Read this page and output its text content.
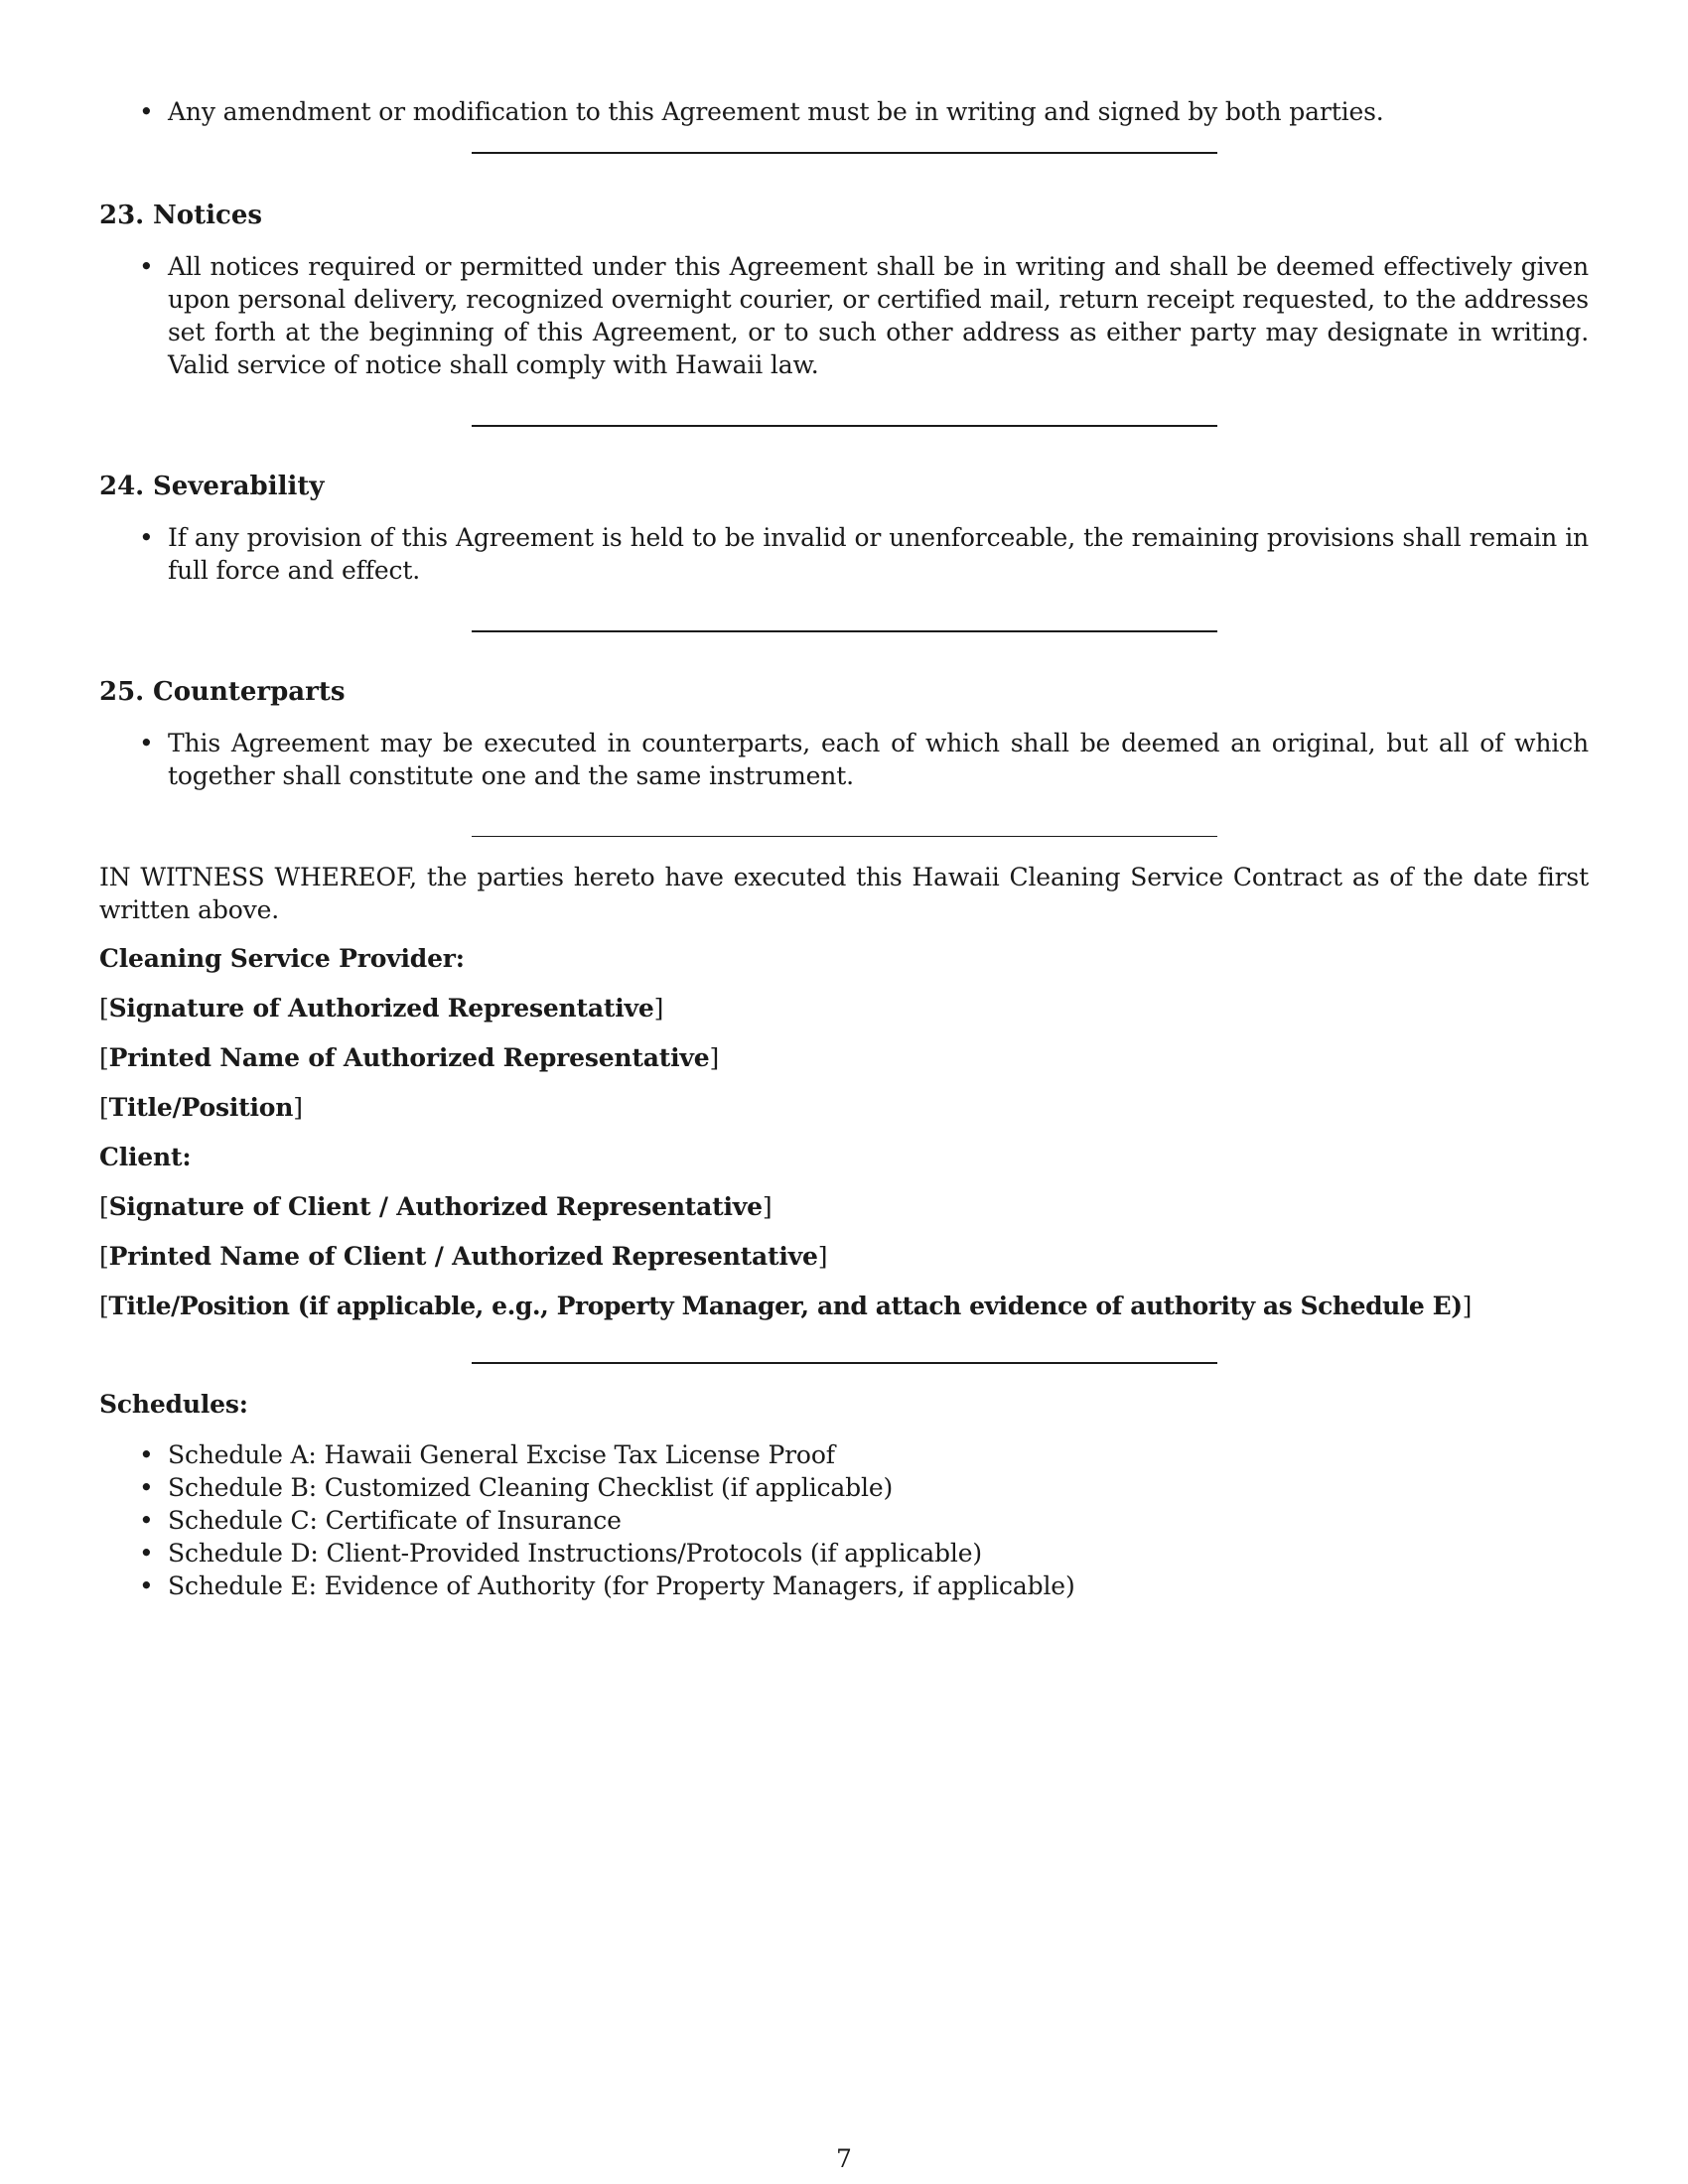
• Any amendment or modification to this Agreement must be in writing and signed by both parties.
23. Notices
• All notices required or permitted under this Agreement shall be in writing and shall be deemed effectively given upon personal delivery, recognized overnight courier, or certified mail, return receipt requested, to the addresses set forth at the beginning of this Agreement, or to such other address as either party may designate in writing. Valid service of notice shall comply with Hawaii law.
24. Severability
• If any provision of this Agreement is held to be invalid or unenforceable, the remaining provisions shall remain in full force and effect.
25. Counterparts
• This Agreement may be executed in counterparts, each of which shall be deemed an original, but all of which together shall constitute one and the same instrument.

IN WITNESS WHEREOF, the parties hereto have executed this Hawaii Cleaning Service Contract as of the date first written above.

Cleaning Service Provider:

[Signature of Authorized Representative]

[Printed Name of Authorized Representative]

[Title/Position]

Client:

[Signature of Client / Authorized Representative]

[Printed Name of Client / Authorized Representative]

[Title/Position (if applicable, e.g., Property Manager, and attach evidence of authority as Schedule E)]

Schedules:

• Schedule A: Hawaii General Excise Tax License Proof
• Schedule B: Customized Cleaning Checklist (if applicable)
• Schedule C: Certificate of Insurance
• Schedule D: Client-Provided Instructions/Protocols (if applicable)
• Schedule E: Evidence of Authority (for Property Managers, if applicable)
7
